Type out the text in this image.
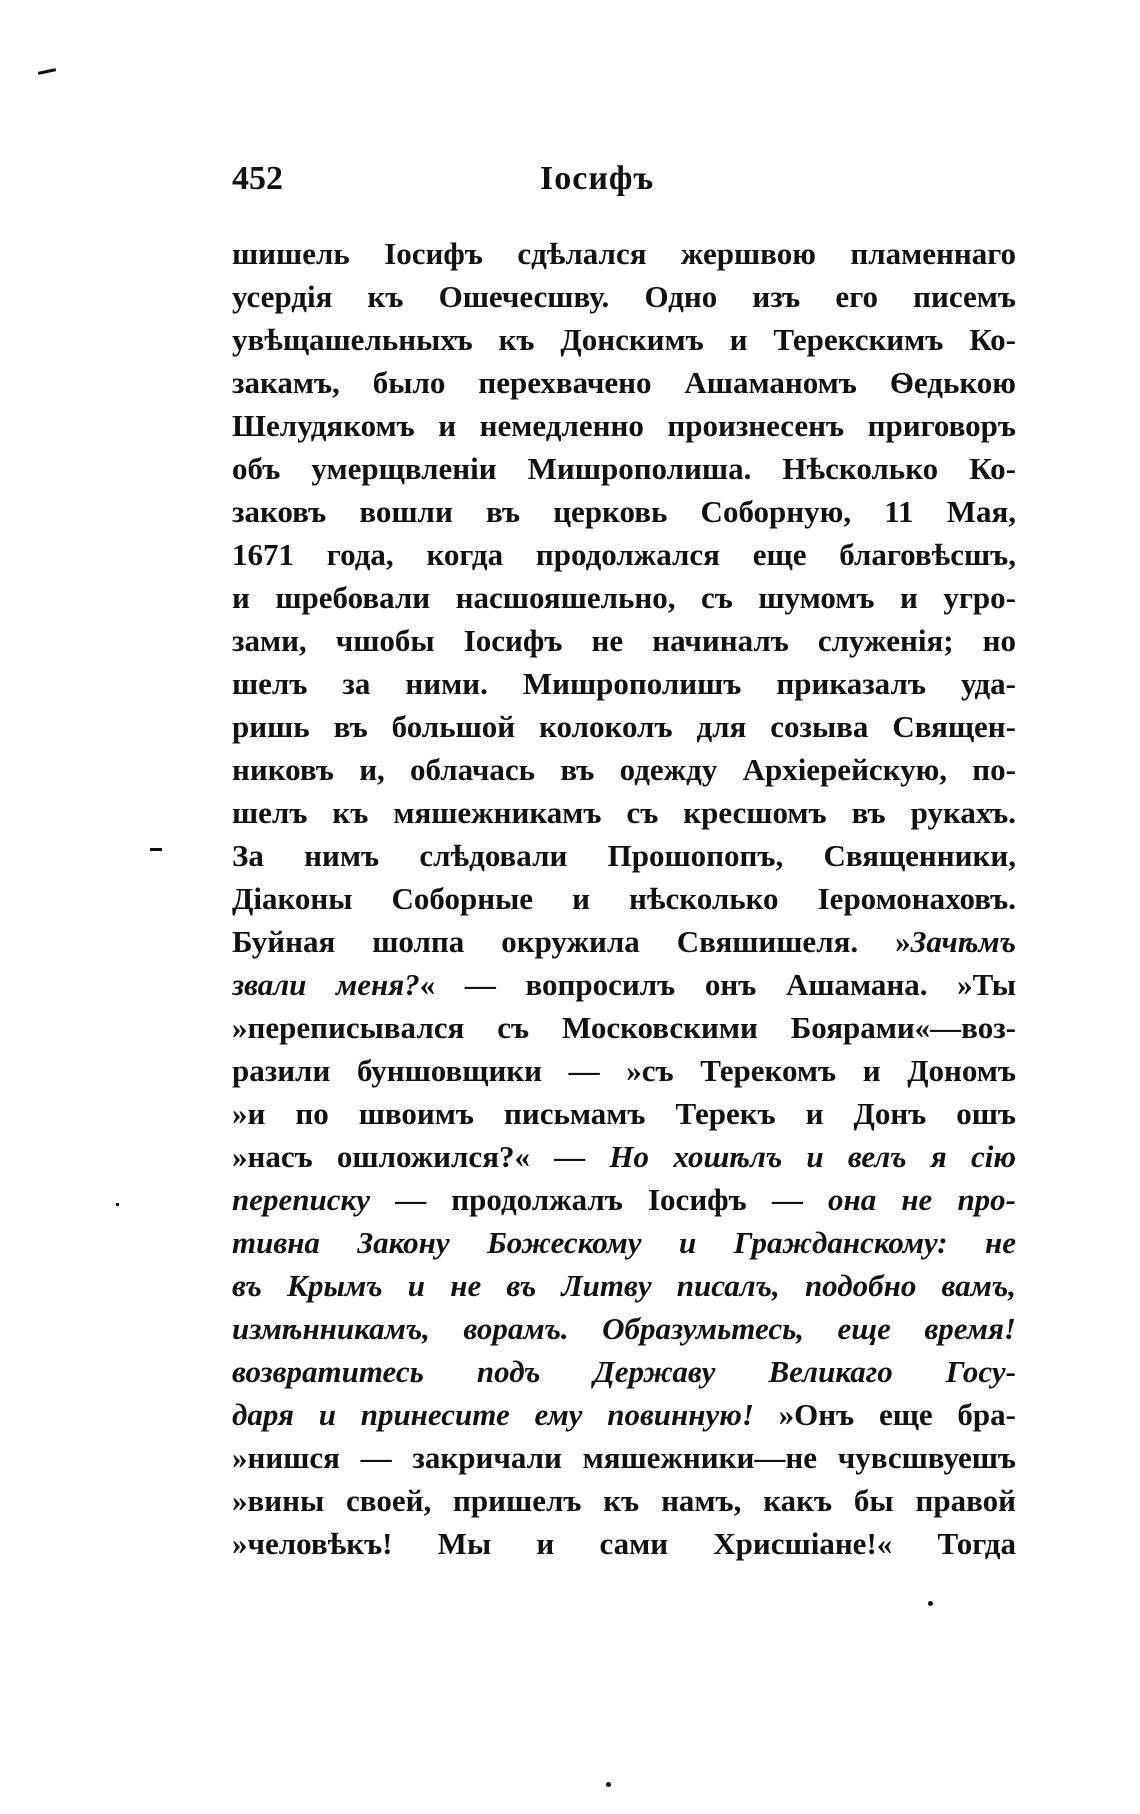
452	Іосифъ
шишель Іосифъ сдѣлался жершвою пламеннаго
усердія къ Ошечесшву. Одно изъ его писемъ
увѣщашельныхъ къ Донскимъ и Терекскимъ Ко-
закамъ, было перехвачено Ашаманомъ Ѳедькою
Шелудякомъ и немедленно произнесенъ приговоръ
объ умерщвленіи Мишрополиша. Нѣсколько Ко-
заковъ вошли въ церковь Соборную, 11 Мая,
1671 года, когда продолжался еще благовѣсшъ,
и шребовали насшояшельно, съ шумомъ и угро-
зами, чшобы Іосифъ не начиналъ служенія; но
шелъ за ними. Мишрополишъ приказалъ уда-
ришь въ большой колоколъ для созыва Священ-
никовъ и, облачась въ одежду Архіерейскую, по-
шелъ къ мяшежникамъ съ кресшомъ въ рукахъ.
За нимъ слѣдовали Прошопопъ, Священники,
Діаконы Соборные и нѣсколько Іеромонаховъ.
Буйная шолпа окружила Свяшишеля. »Зачѣмъ
звали меня?« — вопросилъ онъ Ашамана. »Ты
»переписывался съ Московскими Боярами«—воз-
разили буншовщики — »съ Терекомъ и Дономъ
»и по швоимъ письмамъ Терекъ и Донъ ошъ
»насъ ошложился?« — Но хошѣлъ и велъ я сію
переписку — продолжалъ Іосифъ — она не про-
тивна Закону Божескому и Гражданскому: не
въ Крымъ и не въ Литву писалъ, подобно вамъ,
измѣнникамъ, ворамъ. Образумьтесь, еще время!
возвратитесь подъ Державу Великаго Госу-
даря и принесите ему повинную! »Онъ еще бра-
»нишся — закричали мяшежники—не чувсшвуешъ
»вины своей, пришелъ къ намъ, какъ бы правой
»человѣкъ! Мы и сами Хрисшіане!« Тогда
